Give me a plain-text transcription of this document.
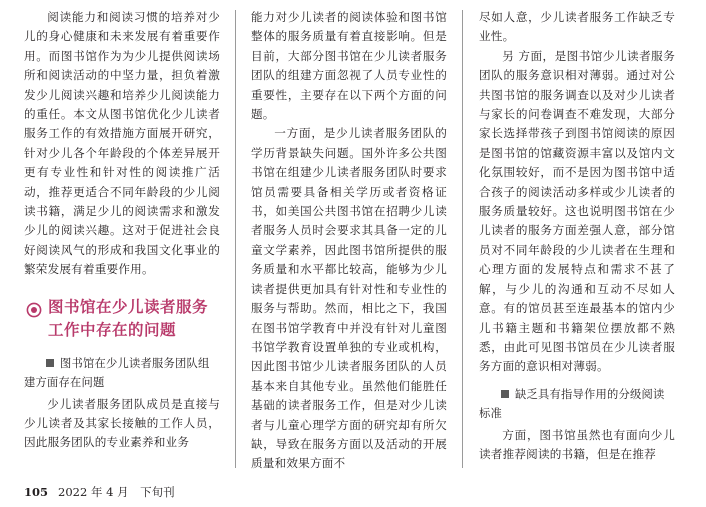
阅读能力和阅读习惯的培养对少儿的身心健康和未来发展有着重要作用。而图书馆作为为少儿提供阅读场所和阅读活动的中坚力量，担负着激发少儿阅读兴趣和培养少儿阅读能力的重任。本文从图书馆优化少儿读者服务工作的有效措施方面展开研究，针对少儿各个年龄段的个体差异展开更有专业性和针对性的阅读推广活动，推荐更适合不同年龄段的少儿阅读书籍，满足少儿的阅读需求和激发少儿的阅读兴趣。这对于促进社会良好阅读风气的形成和我国文化事业的繁荣发展有着重要作用。

图书馆在少儿读者服务工作中存在的问题
图书馆在少儿读者服务团队组建方面存在问题

少儿读者服务团队成员是直接与少儿读者及其家长接触的工作人员，因此服务团队的专业素养和业务

能力对少儿读者的阅读体验和图书馆整体的服务质量有着直接影响。但是目前，大部分图书馆在少儿读者服务团队的组建方面忽视了人员专业性的重要性，主要存在以下两个方面的问题。

一方面，是少儿读者服务团队的学历背景缺失问题。国外许多公共图书馆在组建少儿读者服务团队时要求馆员需要具备相关学历或者资格证书，如美国公共图书馆在招聘少儿读者服务人员时会要求其具备一定的儿童文学素养，因此图书馆所提供的服务质量和水平都比较高，能够为少儿读者提供更加具有针对性和专业性的服务与帮助。然而，相比之下，我国在图书馆学教育中并没有针对儿童图书馆学教育设置单独的专业或机构，因此图书馆少儿读者服务团队的人员基本来自其他专业。虽然他们能胜任基础的读者服务工作，但是对少儿读者与儿童心理学方面的研究却有所欠缺，导致在服务方面以及活动的开展质量和效果方面不

尽如人意，少儿读者服务工作缺乏专业性。

另 方面，是图书馆少儿读者服务团队的服务意识相对薄弱。通过对公共图书馆的服务调查以及对少儿读者与家长的问卷调查不难发现，大部分家长选择带孩子到图书馆阅读的原因是图书馆的馆藏资源丰富以及馆内文化氛围较好，而不是因为图书馆中适合孩子的阅读活动多样或少儿读者的服务质量较好。这也说明图书馆在少儿读者的服务方面差强人意，部分馆员对不同年龄段的少儿读者在生理和心理方面的发展特点和需求不甚了解，与少儿的沟通和互动不尽如人意。有的馆员甚至连最基本的馆内少儿书籍主题和书籍架位摆放都不熟悉，由此可见图书馆员在少儿读者服务方面的意识相对薄弱。

缺乏具有指导作用的分级阅读标准

方面，图书馆虽然也有面向少儿读者推荐阅读的书籍，但是在推荐

105 2022 年 4 月　下旬刊
